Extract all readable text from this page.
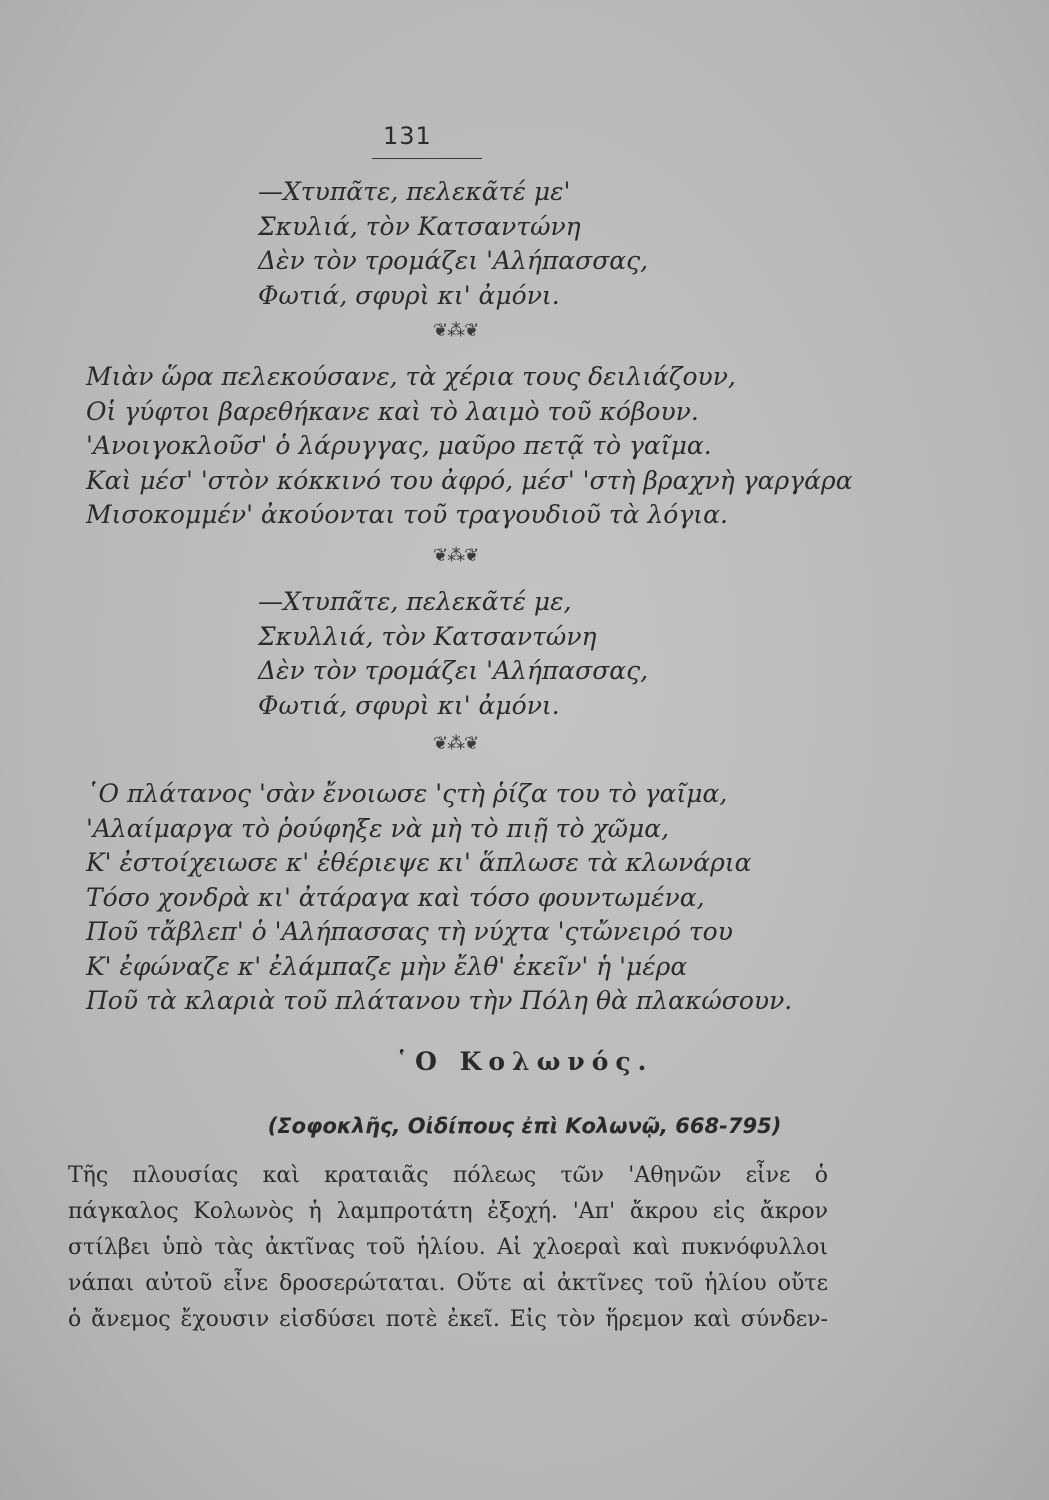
131
—Χτυπᾶτε, πελεκᾶτέ με'
Σκυλιά, τὸν Κατσαντώνη
Δὲν τὸν τρομάζει 'Αλήπασσας,
Φωτιά, σφυρὶ κι' ἀμόνι.
❦⁂❦
Μιὰν ὥρα πελεκούσανε, τὰ χέρια τους δειλιάζουν,
Οἱ γύφτοι βαρεθήκανε καὶ τὸ λαιμὸ τοῦ κόβουν.
'Ανοιγοκλοῦσ' ὁ λάρυγγας, μαῦρο πετᾷ τὸ γαῖμα.
Καὶ μέσ' 'στὸν κόκκινό του ἀφρό, μέσ' 'στὴ βραχνὴ γαργάρα
Μισοκομμέν' ἀκούονται τοῦ τραγουδιοῦ τὰ λόγια.
❦⁂❦
—Χτυπᾶτε, πελεκᾶτέ με,
Σκυλλιά, τὸν Κατσαντώνη
Δὲν τὸν τρομάζει 'Αλήπασσας,
Φωτιά, σφυρὶ κι' ἀμόνι.
❦⁂❦
῾Ο πλάτανος 'σὰν ἔνοιωσε 'ςτὴ ῥίζα του τὸ γαῖμα,
'Αλαίμαργα τὸ ῥούφηξε νὰ μὴ τὸ πιῇ τὸ χῶμα,
Κ' ἐστοίχειωσε κ' ἐθέριεψε κι' ἅπλωσε τὰ κλωνάρια
Τόσο χονδρὰ κι' ἀτάραγα καὶ τόσο φουντωμένα,
Ποῦ τἄβλεπ' ὁ 'Αλήπασσας τὴ νύχτα 'ςτὤνειρό του
Κ' ἐφώναζε κ' ἐλάμπαζε μὴν ἔλθ' ἐκεῖν' ἡ 'μέρα
Ποῦ τὰ κλαριὰ τοῦ πλάτανου τὴν Πόλη θὰ πλακώσουν.
῾Ο Κολωνός.
(Σοφοκλῆς, Οἰδίπους ἐπὶ Κολωνῷ, 668-795)
Τῆς πλουσίας καὶ κραταιᾶς πόλεως τῶν 'Αθηνῶν εἶνε ὁ
πάγκαλος Κολωνὸς ἡ λαμπροτάτη ἐξοχή. 'Απ' ἄκρου εἰς ἄκρον
στίλβει ὑπὸ τὰς ἀκτῖνας τοῦ ἡλίου. Αἱ χλοεραὶ καὶ πυκνόφυλλοι
νάπαι αὐτοῦ εἶνε δροσερώταται. Οὔτε αἱ ἀκτῖνες τοῦ ἡλίου οὔτε
ὁ ἄνεμος ἔχουσιν εἰσδύσει ποτὲ ἐκεῖ. Εἰς τὸν ἥρεμον καὶ σύνδεν-
